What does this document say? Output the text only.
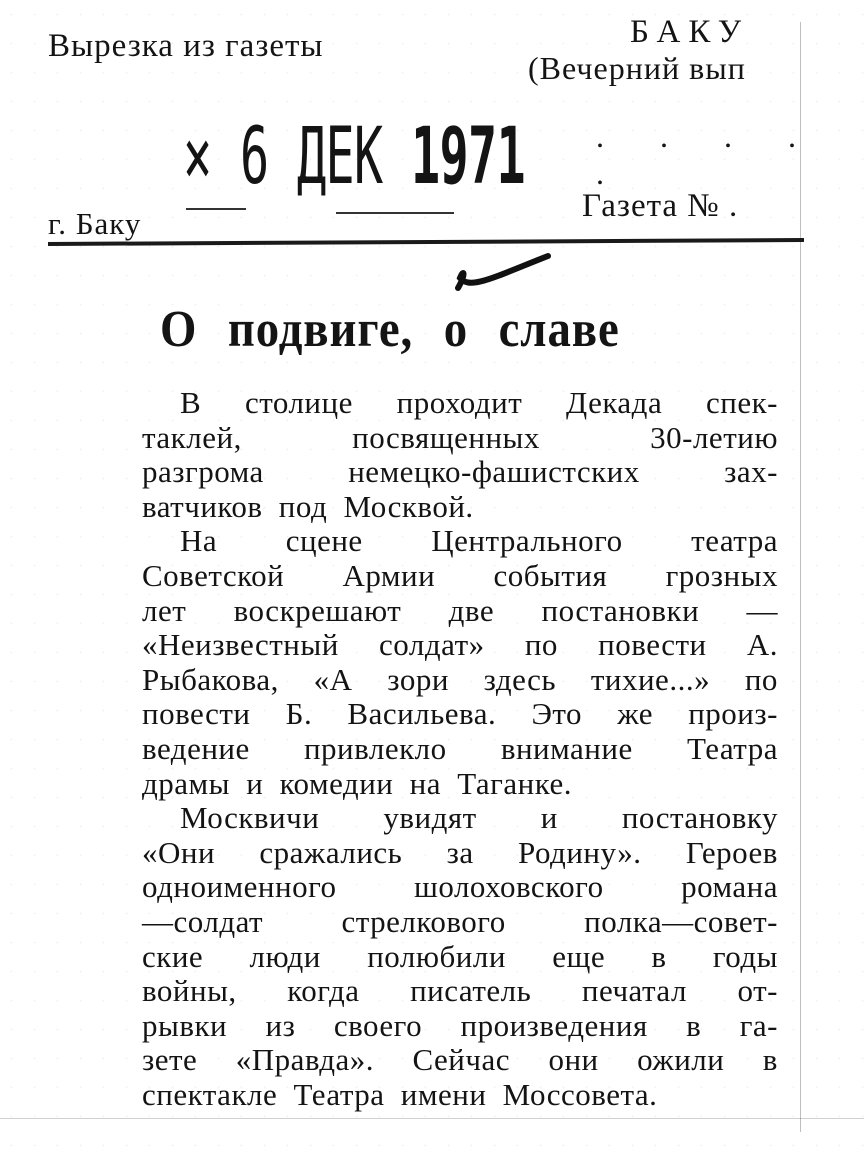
Вырезка из газеты	БАКУ
(Вечерний вып
× 6 ДЕК 1971 . . . . .
г. Баку	Газета № .
О подвиге, о славе
В столице проходит Декада спек-
таклей,	посвященных	30-летию
разгрома	немецко-фашистских	зах-
ватчиков под Москвой.
На сцене Центрального театра
Советской Армии события грозных
лет воскрешают две постановки —
«Неизвестный солдат» по повести А.
Рыбакова, «А зори здесь тихие...» по
повести Б. Васильева. Это же произ-
ведение привлекло внимание Театра
драмы и комедии на Таганке.
Москвичи увидят и постановку
«Они сражались за Родину». Героев
одноименного шолоховского романа
—солдат	стрелкового	полка—совет-
ские люди полюбили еще в годы
войны, когда писатель печатал от-
рывки из своего произведения в га-
зете «Правда». Сейчас они ожили в
спектакле Театра имени Моссовета.
